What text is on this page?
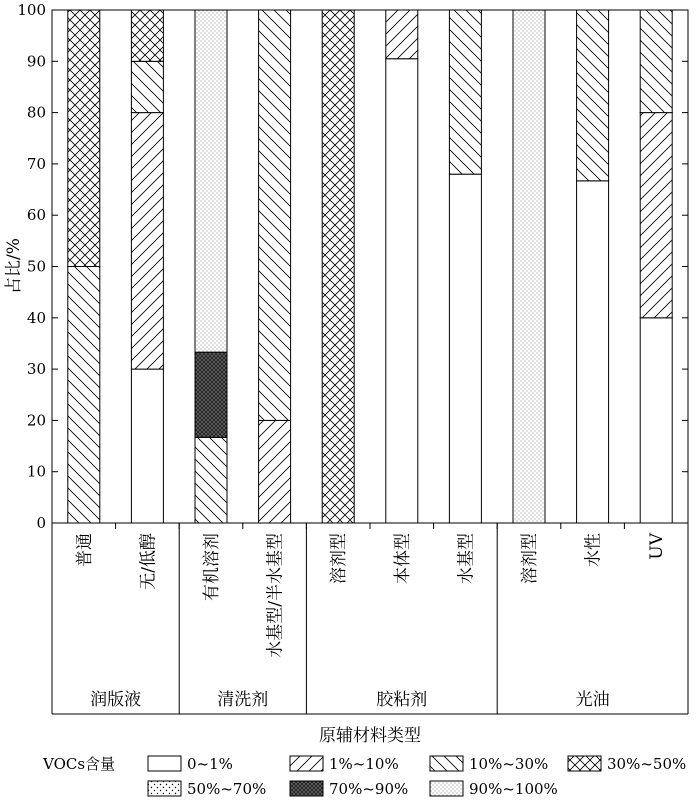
0
10
20
30
40
50
60
70
80
90
100
占比/%
普通	无/低醇	有机溶剂	水基型/半水基型	溶剂型	本体型	水基型	溶剂型	水性	UV
润版液	清洗剂	胶粘剂	光油
原辅材料类型
VOCs含量	0~1%	1%~10%	10%~30%	30%~50%
50%~70%	70%~90%	90%~100%
